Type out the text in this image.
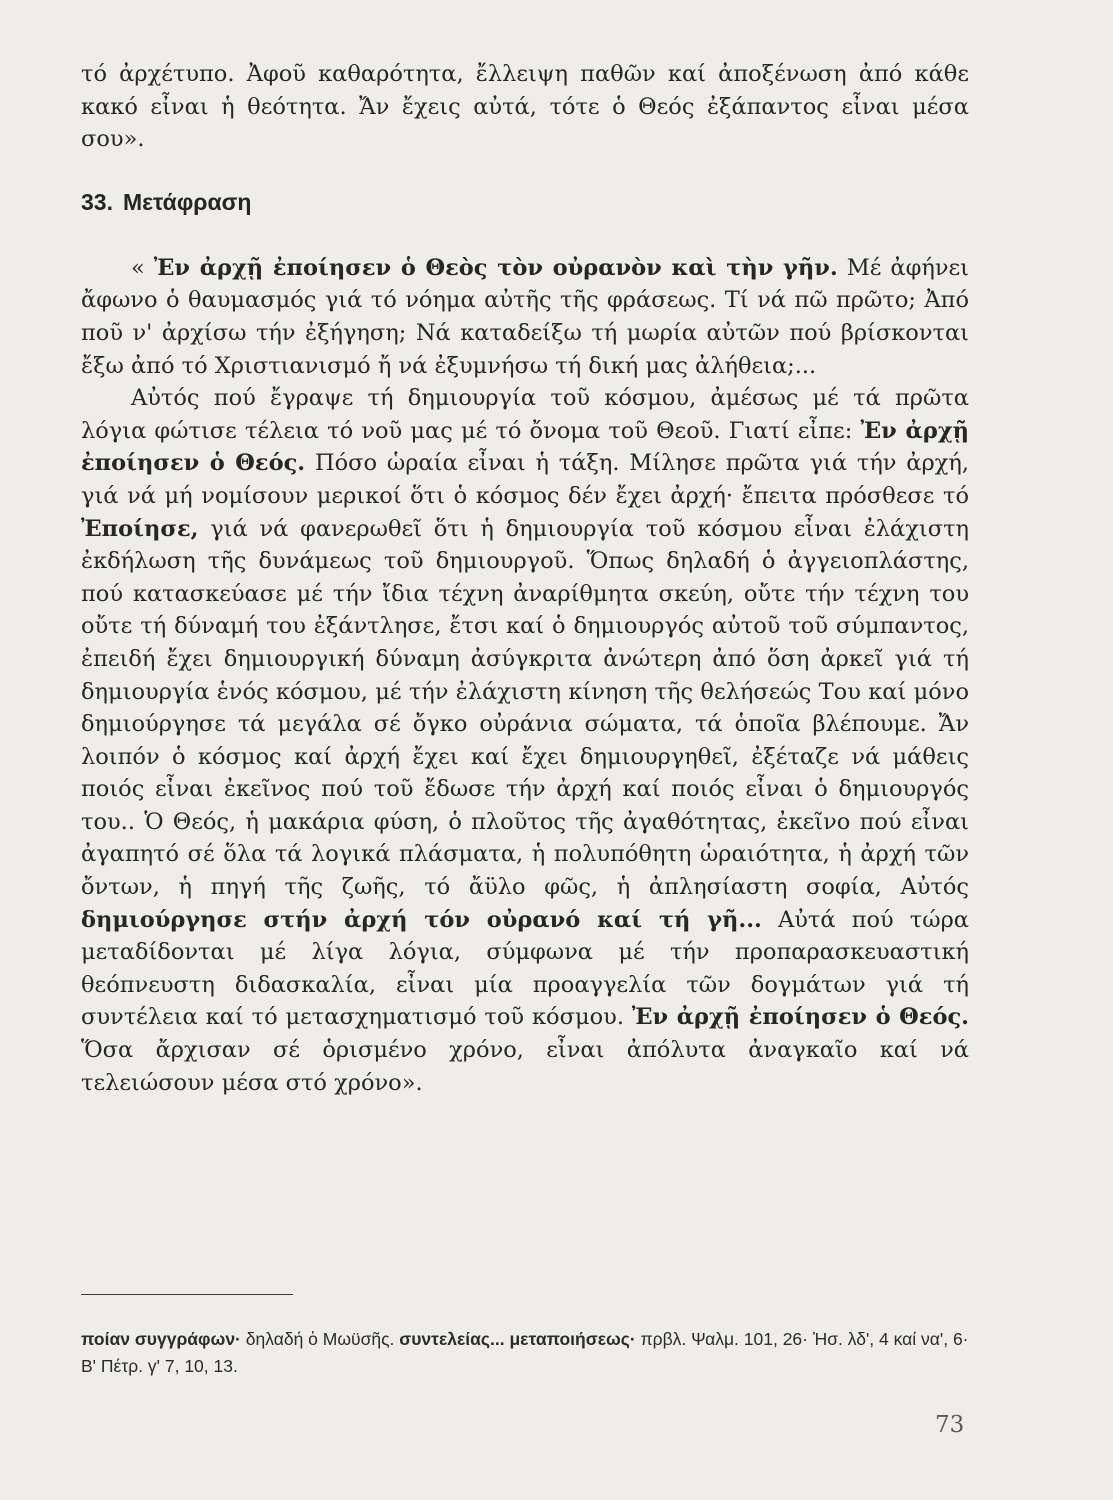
τό ἀρχέτυπο. Ἀφοῦ καθαρότητα, ἔλλειψη παθῶν καί ἀποξένωση ἀπό κάθε κακό εἶναι ἡ θεότητα. Ἄν ἔχεις αὐτά, τότε ὁ Θεός ἐξάπαντος εἶναι μέσα σου».

33. Μετάφραση

« Ἐν ἀρχῇ ἐποίησεν ὁ Θεὸς τὸν οὐρανὸν καὶ τὴν γῆν. Μέ ἀφήνει ἄφωνο ὁ θαυμασμός γιά τό νόημα αὐτῆς τῆς φράσεως. Τί νά πῶ πρῶτο; Ἀπό ποῦ ν' ἀρχίσω τήν ἐξήγηση; Νά καταδείξω τή μωρία αὐτῶν πού βρίσκονται ἔξω ἀπό τό Χριστιανισμό ἤ νά ἐξυμνήσω τή δική μας ἀλήθεια;...

Αὐτός πού ἔγραψε τή δημιουργία τοῦ κόσμου, ἀμέσως μέ τά πρῶτα λόγια φώτισε τέλεια τό νοῦ μας μέ τό ὄνομα τοῦ Θεοῦ. Γιατί εἶπε: Ἐν ἀρχῇ ἐποίησεν ὁ Θεός. Πόσο ὡραία εἶναι ἡ τάξη. Μίλησε πρῶτα γιά τήν ἀρχή, γιά νά μή νομίσουν μερικοί ὅτι ὁ κόσμος δέν ἔχει ἀρχή· ἔπειτα πρόσθεσε τό Ἐποίησε, γιά νά φανερωθεῖ ὅτι ἡ δημιουργία τοῦ κόσμου εἶναι ἐλάχιστη ἐκδήλωση τῆς δυνάμεως τοῦ δημιουργοῦ. Ὅπως δηλαδή ὁ ἀγγειοπλάστης, πού κατασκεύασε μέ τήν ἴδια τέχνη ἀναρίθμητα σκεύη, οὔτε τήν τέχνη του οὔτε τή δύναμή του ἐξάντλησε, ἔτσι καί ὁ δημιουργός αὐτοῦ τοῦ σύμπαντος, ἐπειδή ἔχει δημιουργική δύναμη ἀσύγκριτα ἀνώτερη ἀπό ὅση ἀρκεῖ γιά τή δημιουργία ἑνός κόσμου, μέ τήν ἐλάχιστη κίνηση τῆς θελήσεώς Του καί μόνο δημιούργησε τά μεγάλα σέ ὄγκο οὐράνια σώματα, τά ὁποῖα βλέπουμε. Ἄν λοιπόν ὁ κόσμος καί ἀρχή ἔχει καί ἔχει δημιουργηθεῖ, ἐξέταζε νά μάθεις ποιός εἶναι ἐκεῖνος πού τοῦ ἔδωσε τήν ἀρχή καί ποιός εἶναι ὁ δημιουργός του.. Ὁ Θεός, ἡ μακάρια φύση, ὁ πλοῦτος τῆς ἀγαθότητας, ἐκεῖνο πού εἶναι ἀγαπητό σέ ὅλα τά λογικά πλάσματα, ἡ πολυπόθητη ὡραιότητα, ἡ ἀρχή τῶν ὄντων, ἡ πηγή τῆς ζωῆς, τό ἄϋλο φῶς, ἡ ἀπλησίαστη σοφία, Αὐτός δημιούργησε στήν ἀρχή τόν οὐρανό καί τή γῆ... Αὐτά πού τώρα μεταδίδονται μέ λίγα λόγια, σύμφωνα μέ τήν προπαρασκευαστική θεόπνευστη διδασκαλία, εἶναι μία προαγγελία τῶν δογμάτων γιά τή συντέλεια καί τό μετασχηματισμό τοῦ κόσμου. Ἐν ἀρχῇ ἐποίησεν ὁ Θεός. Ὅσα ἄρχισαν σέ ὁρισμένο χρόνο, εἶναι ἀπόλυτα ἀναγκαῖο καί νά τελειώσουν μέσα στό χρόνο».

ποίαν συγγράφων· δηλαδή ὁ Μωϋσῆς. συντελείας... μεταποιήσεως· πρβλ. Ψαλμ. 101, 26· Ἠσ. λδ', 4 καί να', 6· Β' Πέτρ. γ' 7, 10, 13.
73
